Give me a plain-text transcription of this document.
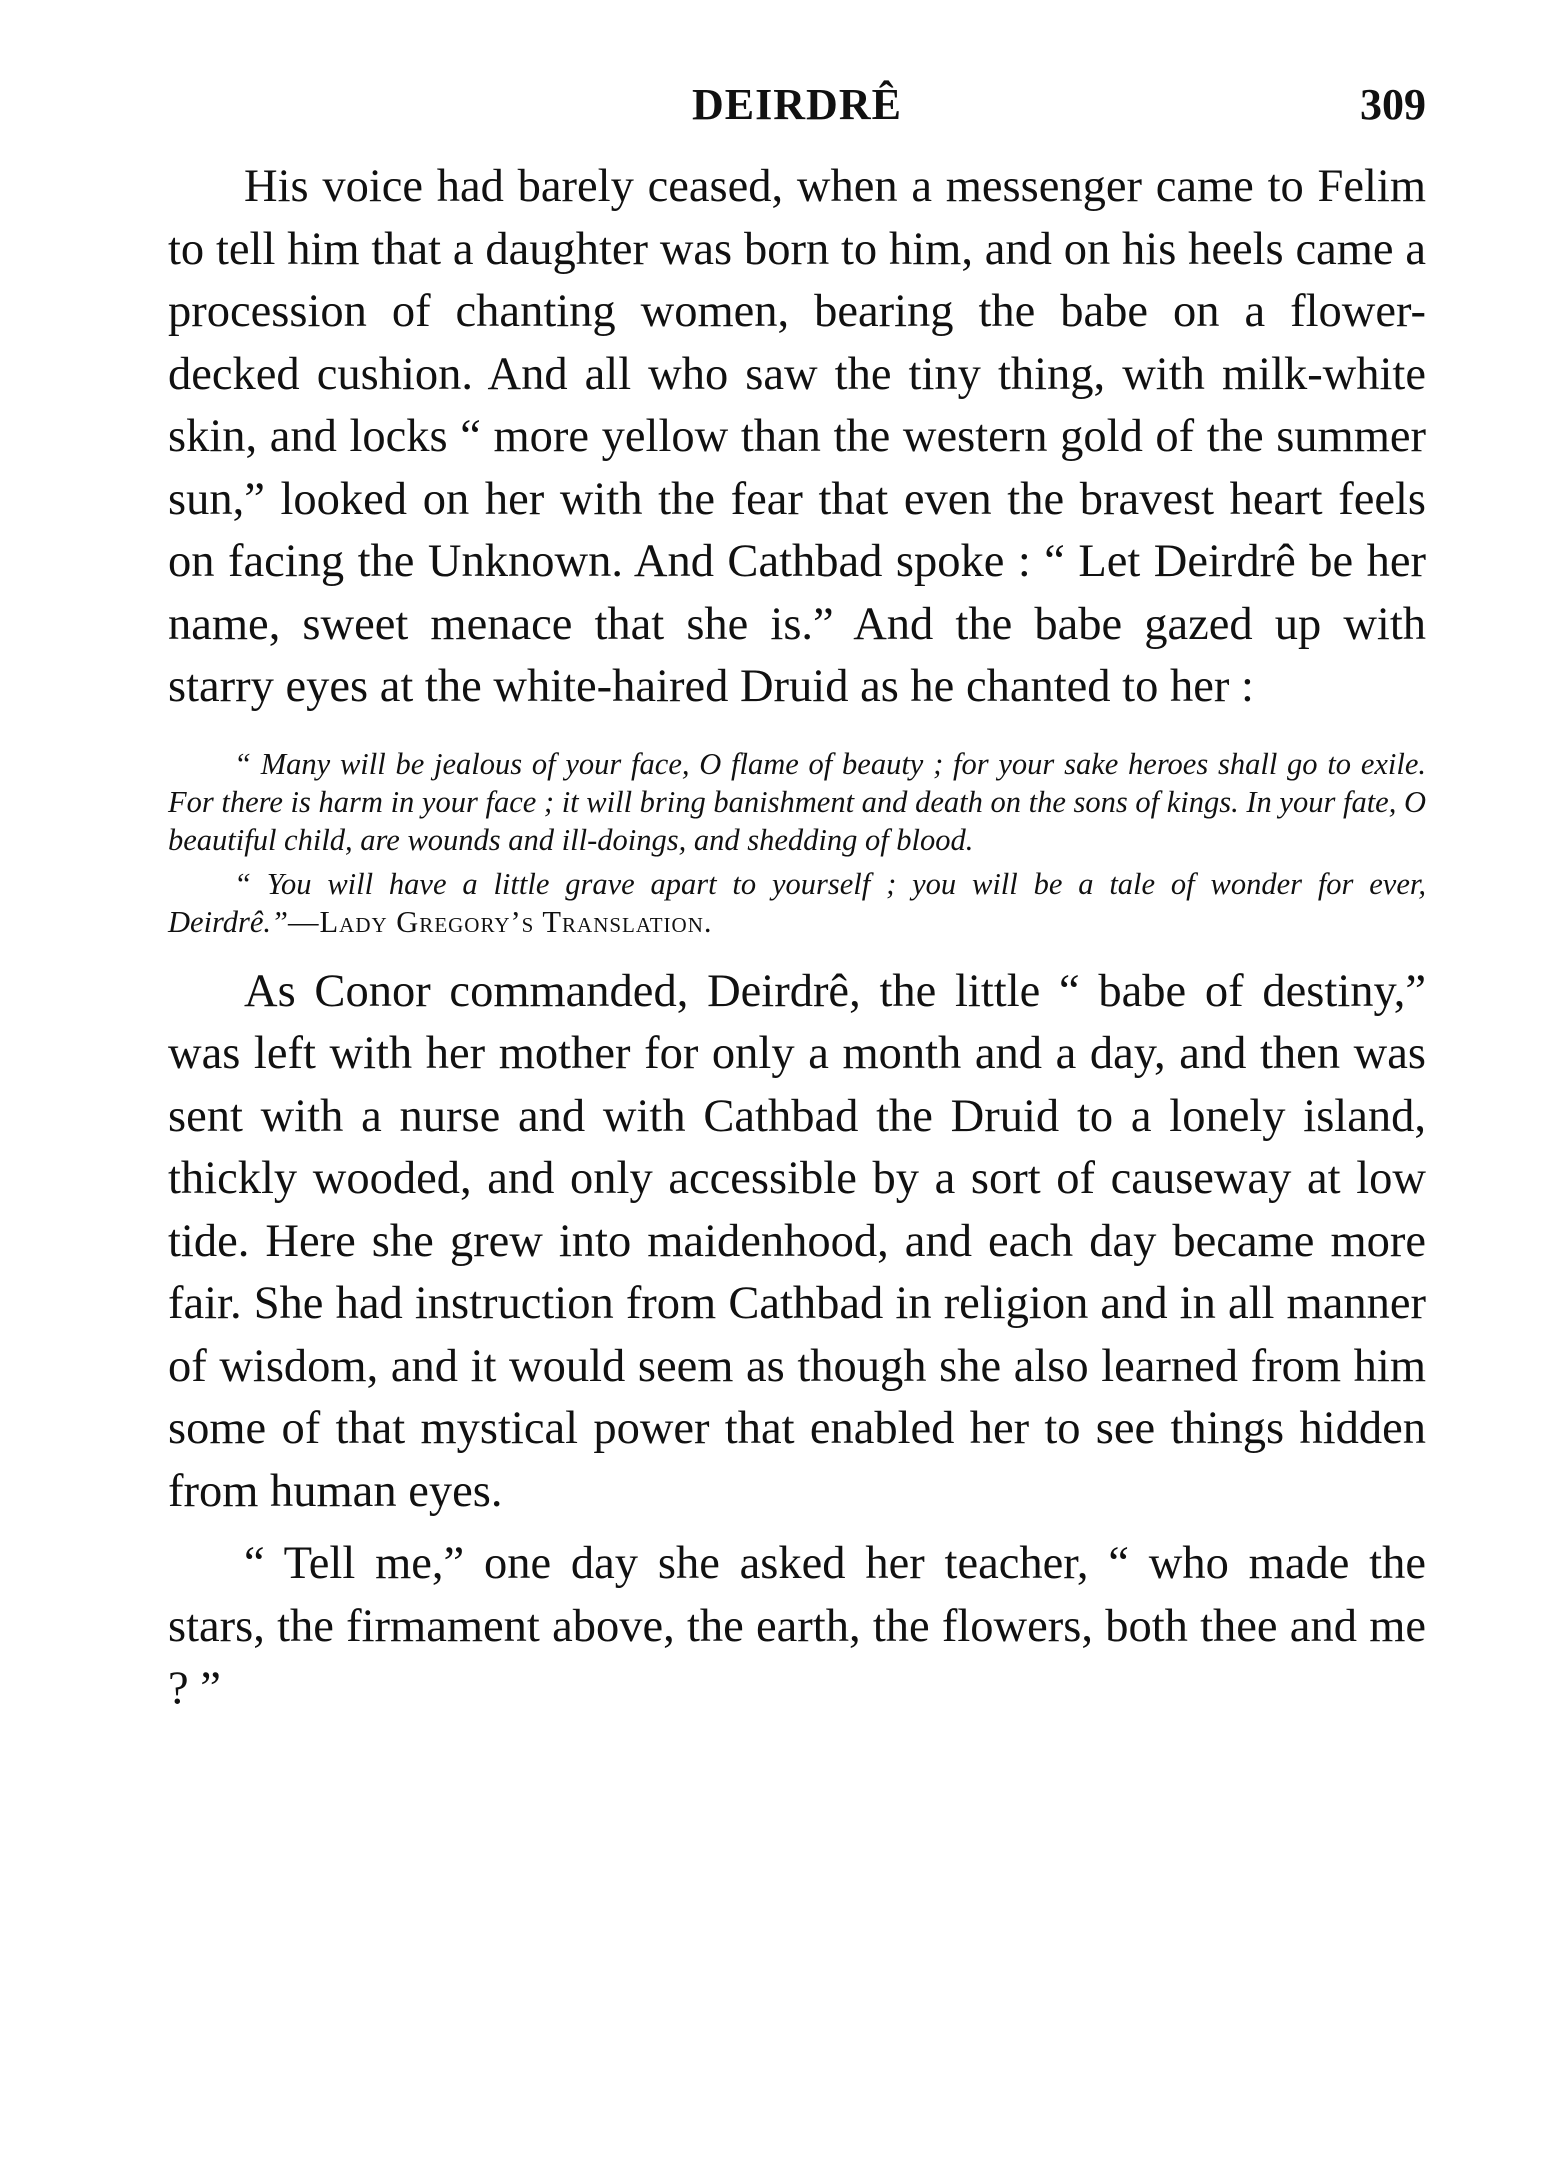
DEIRDRÊ	309

His voice had barely ceased, when a messenger came to Felim to tell him that a daughter was born to him, and on his heels came a procession of chanting women, bearing the babe on a flower-decked cushion. And all who saw the tiny thing, with milk-white skin, and locks “ more yellow than the western gold of the summer sun,” looked on her with the fear that even the bravest heart feels on facing the Unknown. And Cathbad spoke : “ Let Deirdrê be her name, sweet menace that she is.” And the babe gazed up with starry eyes at the white-haired Druid as he chanted to her :

“ Many will be jealous of your face, O flame of beauty ; for your sake heroes shall go to exile. For there is harm in your face ; it will bring banishment and death on the sons of kings. In your fate, O beautiful child, are wounds and ill-doings, and shedding of blood.

“ You will have a little grave apart to yourself ; you will be a tale of wonder for ever, Deirdrê.”—Lady Gregory’s Translation.

As Conor commanded, Deirdrê, the little “ babe of destiny,” was left with her mother for only a month and a day, and then was sent with a nurse and with Cathbad the Druid to a lonely island, thickly wooded, and only accessible by a sort of causeway at low tide. Here she grew into maidenhood, and each day became more fair. She had instruction from Cathbad in religion and in all manner of wisdom, and it would seem as though she also learned from him some of that mystical power that enabled her to see things hidden from human eyes.

“ Tell me,” one day she asked her teacher, “ who made the stars, the firmament above, the earth, the flowers, both thee and me ? ”
